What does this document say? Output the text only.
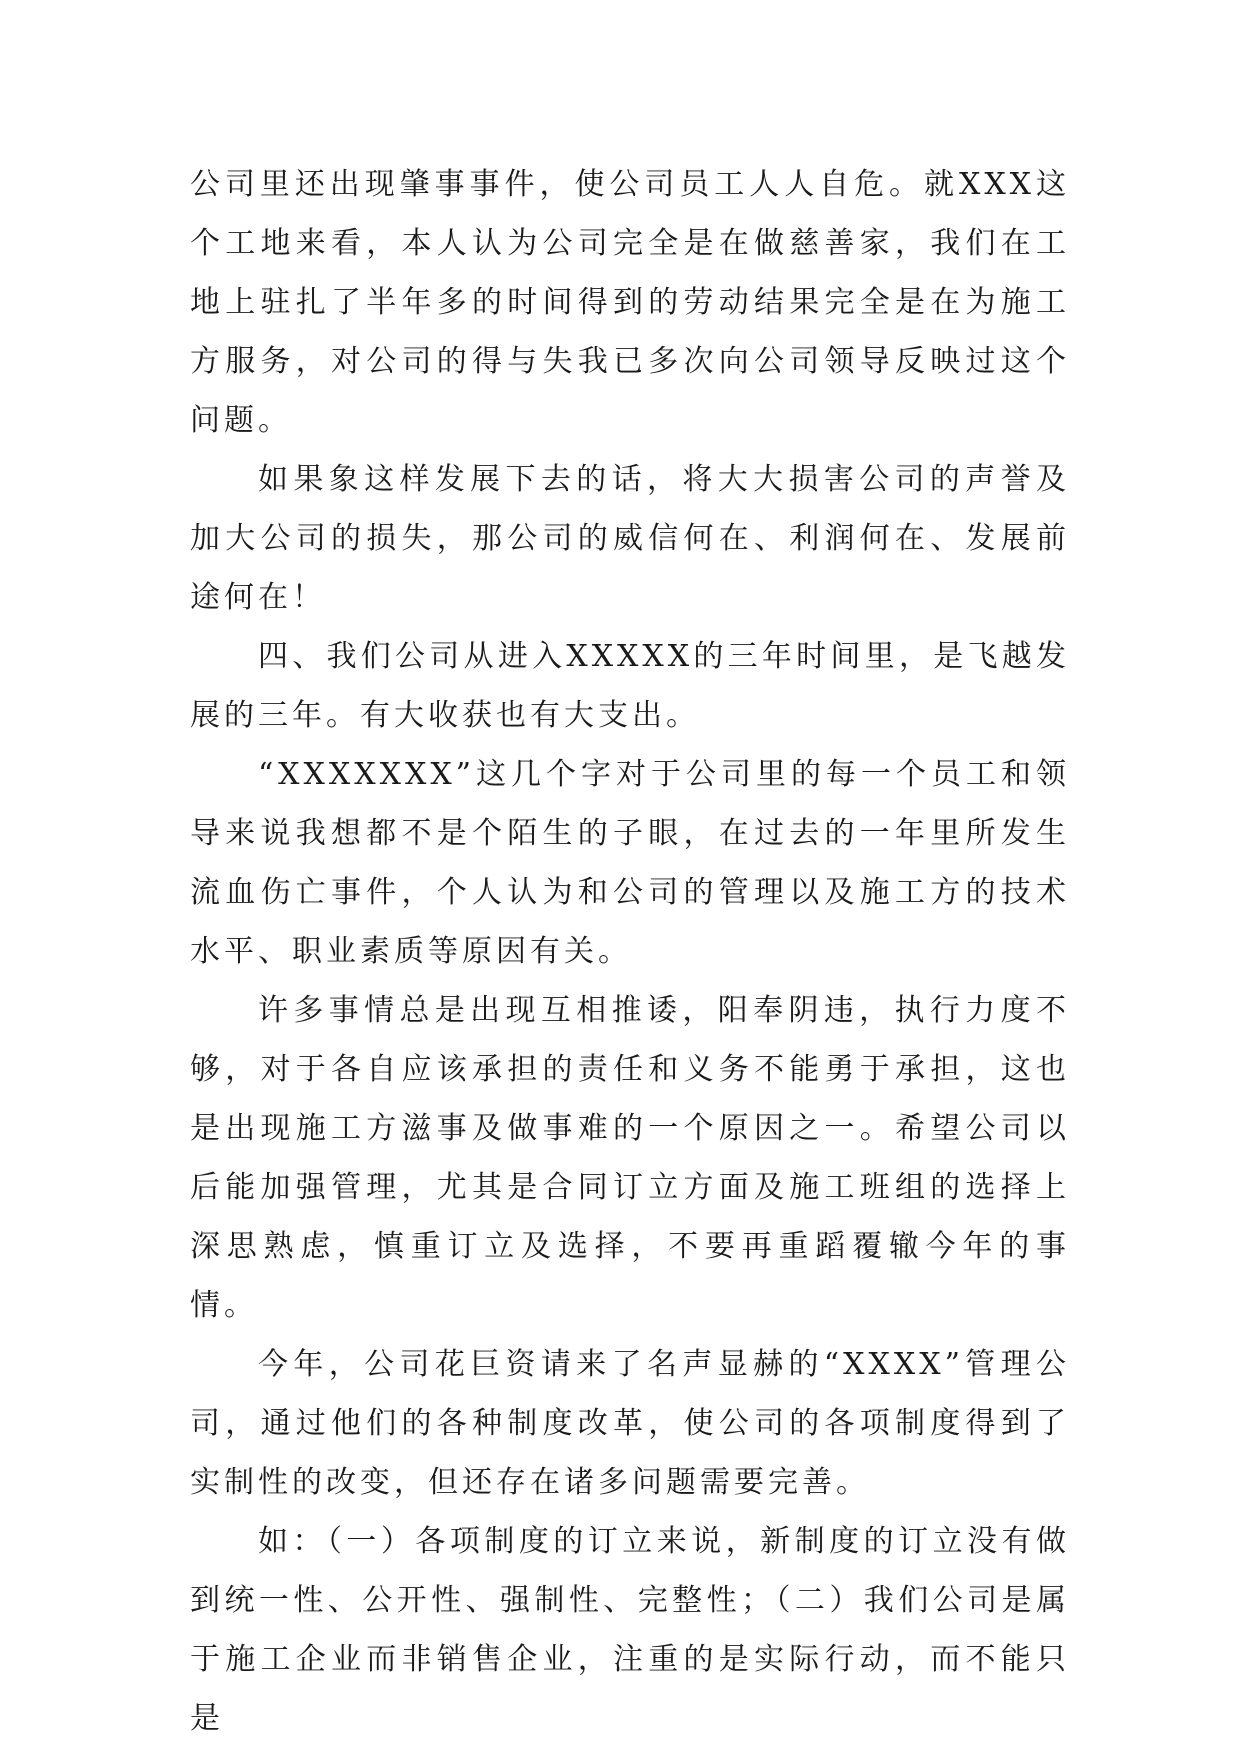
公司里还出现肇事事件，使公司员工人人自危。就XXX这个工地来看，本人认为公司完全是在做慈善家，我们在工地上驻扎了半年多的时间得到的劳动结果完全是在为施工方服务，对公司的得与失我已多次向公司领导反映过这个问题。

如果象这样发展下去的话，将大大损害公司的声誉及加大公司的损失，那公司的威信何在、利润何在、发展前途何在！

四、我们公司从进入XXXXX的三年时间里，是飞越发展的三年。有大收获也有大支出。

“XXXXXXX”这几个字对于公司里的每一个员工和领导来说我想都不是个陌生的子眼，在过去的一年里所发生流血伤亡事件，个人认为和公司的管理以及施工方的技术水平、职业素质等原因有关。

许多事情总是出现互相推诿，阳奉阴违，执行力度不够，对于各自应该承担的责任和义务不能勇于承担，这也是出现施工方滋事及做事难的一个原因之一。希望公司以后能加强管理，尤其是合同订立方面及施工班组的选择上深思熟虑，慎重订立及选择，不要再重蹈覆辙今年的事情。

今年，公司花巨资请来了名声显赫的“XXXX”管理公司，通过他们的各种制度改革，使公司的各项制度得到了实制性的改变，但还存在诸多问题需要完善。

如：（一）各项制度的订立来说，新制度的订立没有做到统一性、公开性、强制性、完整性；（二）我们公司是属于施工企业而非销售企业，注重的是实际行动，而不能只是
